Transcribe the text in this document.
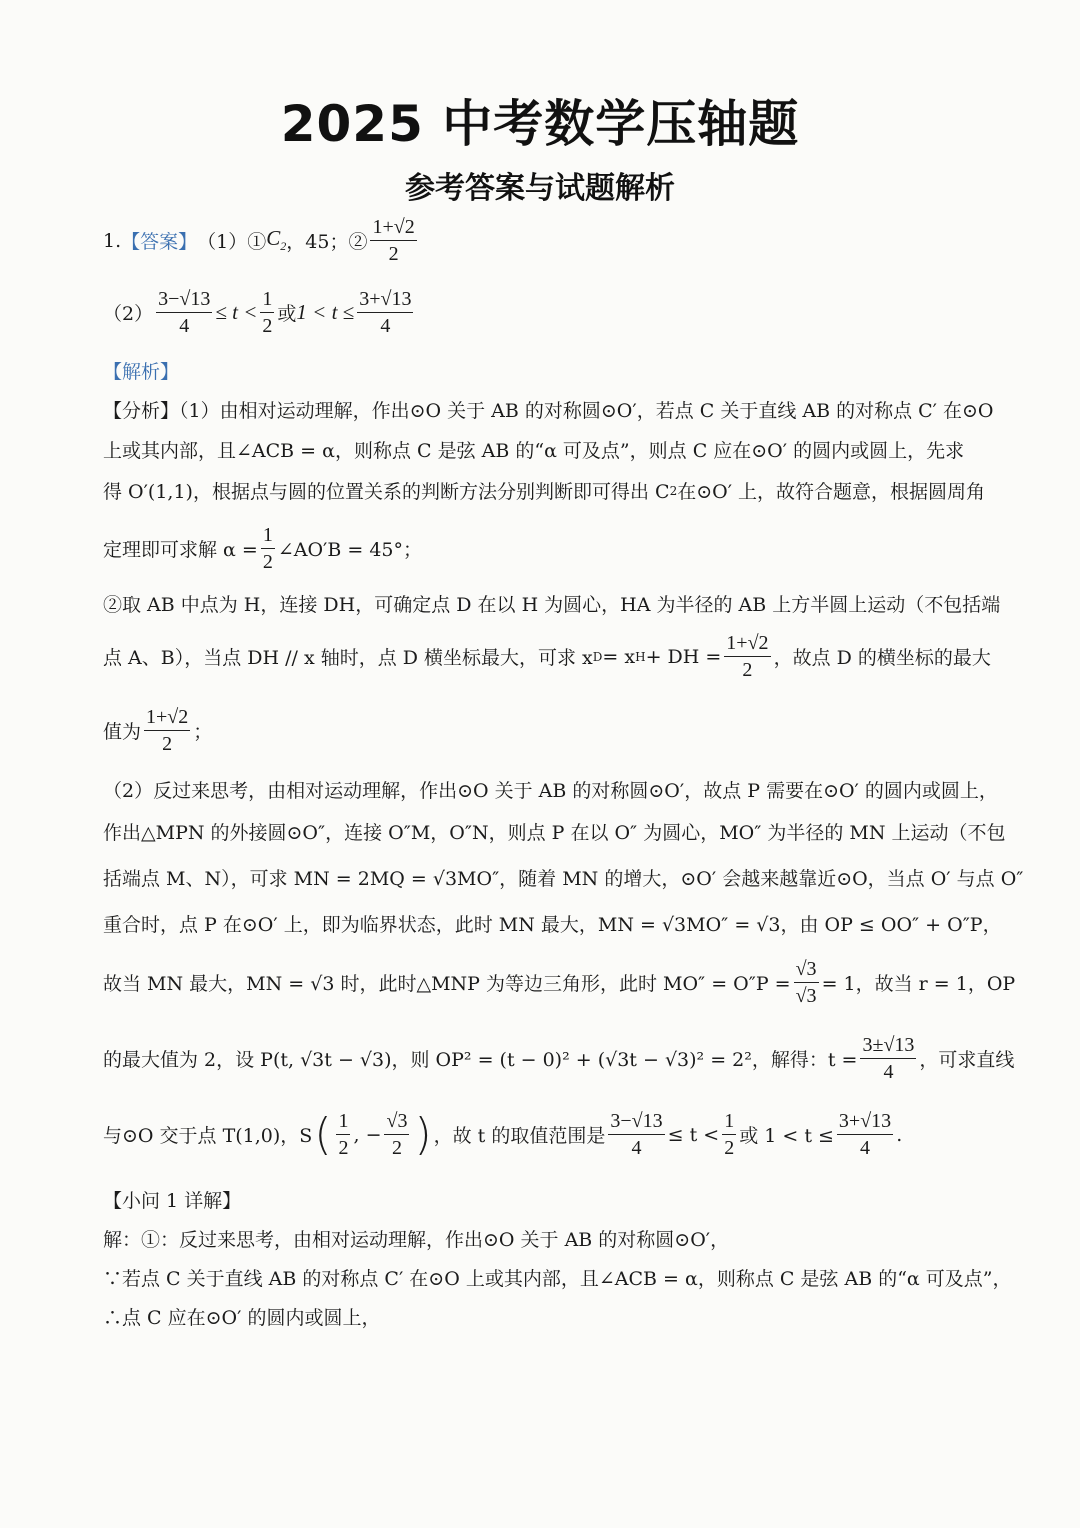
2025 中考数学压轴题
参考答案与试题解析
1. 【答案】 （1）① $C_2$ ，45；② $\frac{1+√2}{2}$
$(2) \frac{3-√13}{4} \le t < \frac{1}{2}$ 或 $1 < t \le \frac{3+√13}{4}$
【解析】
【分析】（1）由相对运动理解，作出⊙O 关于 AB 的对称圆⊙O′，若点 C 关于直线 AB 的对称点 C′ 在⊙O
上或其内部，且∠ACB = α，则称点 C 是弦 AB 的“α 可及点”，则点 C 应在⊙O′ 的圆内或圆上，先求
得 O′(1,1)，根据点与圆的位置关系的判断方法分别判断即可得出 C 2 在⊙O′ 上，故符合题意，根据圆周角
定理即可求解 $\alpha = \frac{1}{2}$ ∠AO′B = 45°；
②取 AB 中点为 H，连接 DH，可确定点 D 在以 H 为圆心，HA 为半径的 AB 上方半圆上运动（不包括端
点 A、B），当点 DH // x 轴时，点 D 横坐标最大，可求 x D = x H + DH = $\frac{1+√2}{2}$ ，故点 D 的横坐标的最大
值为 $\frac{1+√2}{2}$ ；
（2）反过来思考，由相对运动理解，作出⊙O 关于 AB 的对称圆⊙O′，故点 P 需要在⊙O′ 的圆内或圆上，
作出△MPN 的外接圆⊙O″，连接 O″M，O″N，则点 P 在以 O″ 为圆心，MO″ 为半径的 MN 上运动（不包
括端点 M、N），可求 MN = 2MQ = √3MO″，随着 MN 的增大，⊙O′ 会越来越靠近⊙O，当点 O′ 与点 O″
重合时，点 P 在⊙O′ 上，即为临界状态，此时 MN 最大，MN = √3MO″ = √3，由 OP ≤ OO″ + O″P，
故当 MN 最大，MN = √3 时，此时△MNP 为等边三角形，此时 $MO'' = O''P = \frac{√3}{√3} = 1$，故当 r = 1，OP
的最大值为 2，设 P(t, √3t − √3)，则 OP² = (t − 0)² + (√3t − √3)² = 2²，解得：$t = \frac{3\pm√13}{4}$ ，可求直线
与⊙O 交于点 T(1,0)，S ( $\frac{1}{2}$ , − $\frac{√3}{2}$ ) ，故 t 的取值范围是 $\frac{3-√13}{4} \le t < \frac{1}{2}$ 或 $1 < t \le \frac{3+√13}{4}$ .
【小问 1 详解】
解：①：反过来思考，由相对运动理解，作出⊙O 关于 AB 的对称圆⊙O′，
∵若点 C 关于直线 AB 的对称点 C′ 在⊙O 上或其内部，且∠ACB = α，则称点 C 是弦 AB 的“α 可及点”，
∴点 C 应在⊙O′ 的圆内或圆上，
